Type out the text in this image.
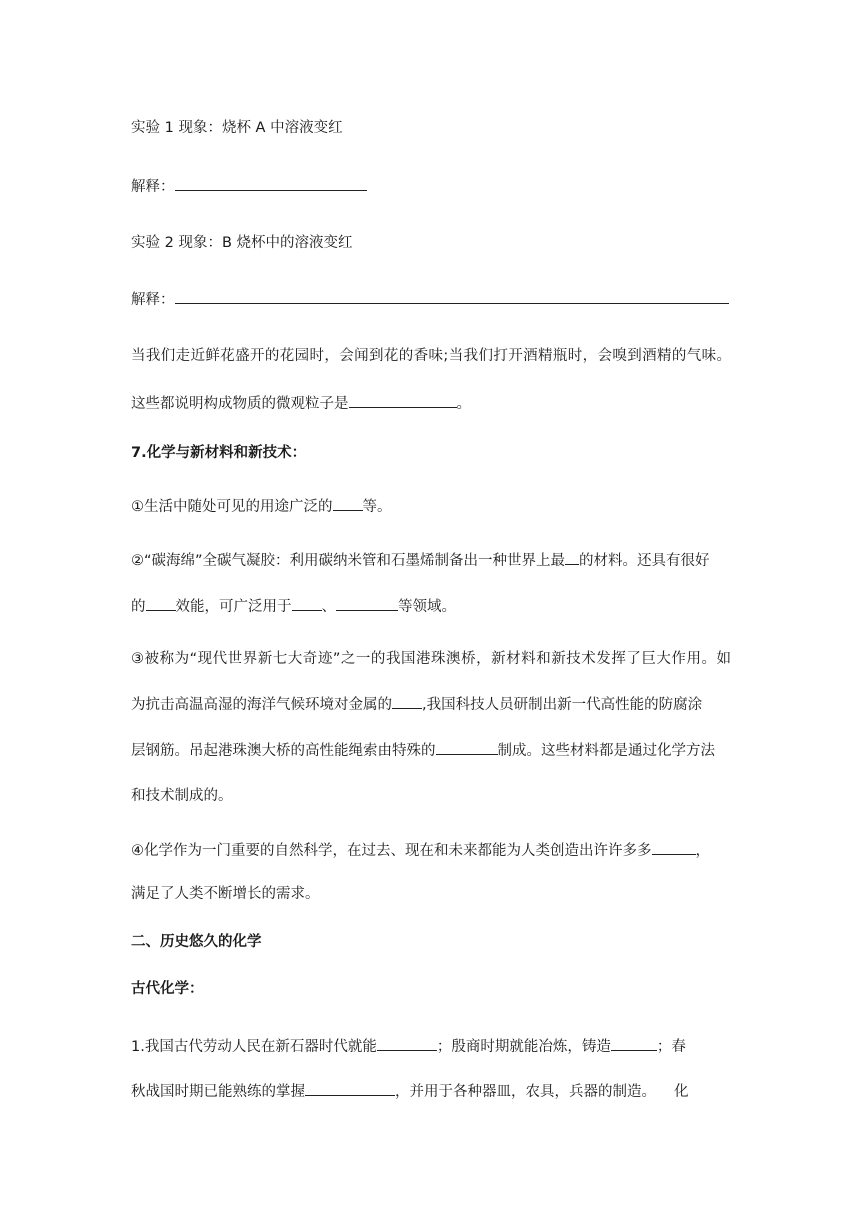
实验 1 现象：烧杯 A 中溶液变红
解释：
实验 2 现象：B 烧杯中的溶液变红
解释：
当我们走近鲜花盛开的花园时，会闻到花的香味;当我们打开酒精瓶时，会嗅到酒精的气味。
这些都说明构成物质的微观粒子是	。
7.化学与新材料和新技术：
①生活中随处可见的用途广泛的 等。
②“碳海绵”全碳气凝胶：利用碳纳米管和石墨烯制备出一种世界上最 的材料。还具有很好
的 效能，可广泛用于 、	等领域。
③被称为“现代世界新七大奇迹”之一的我国港珠澳桥，新材料和新技术发挥了巨大作用。如
为抗击高温高湿的海洋气候环境对金属的 ,我国科技人员研制出新一代高性能的防腐涂
层钢筋。吊起港珠澳大桥的高性能绳索由特殊的	制成。这些材料都是通过化学方法
和技术制成的。
④化学作为一门重要的自然科学，在过去、现在和未来都能为人类创造出许许多多	，
满足了人类不断增长的需求。
二、历史悠久的化学
古代化学：
1.我国古代劳动人民在新石器时代就能	；殷商时期就能冶炼，铸造	；春
秋战国时期已能熟练的掌握	，并用于各种器皿，农具，兵器的制造。 化
